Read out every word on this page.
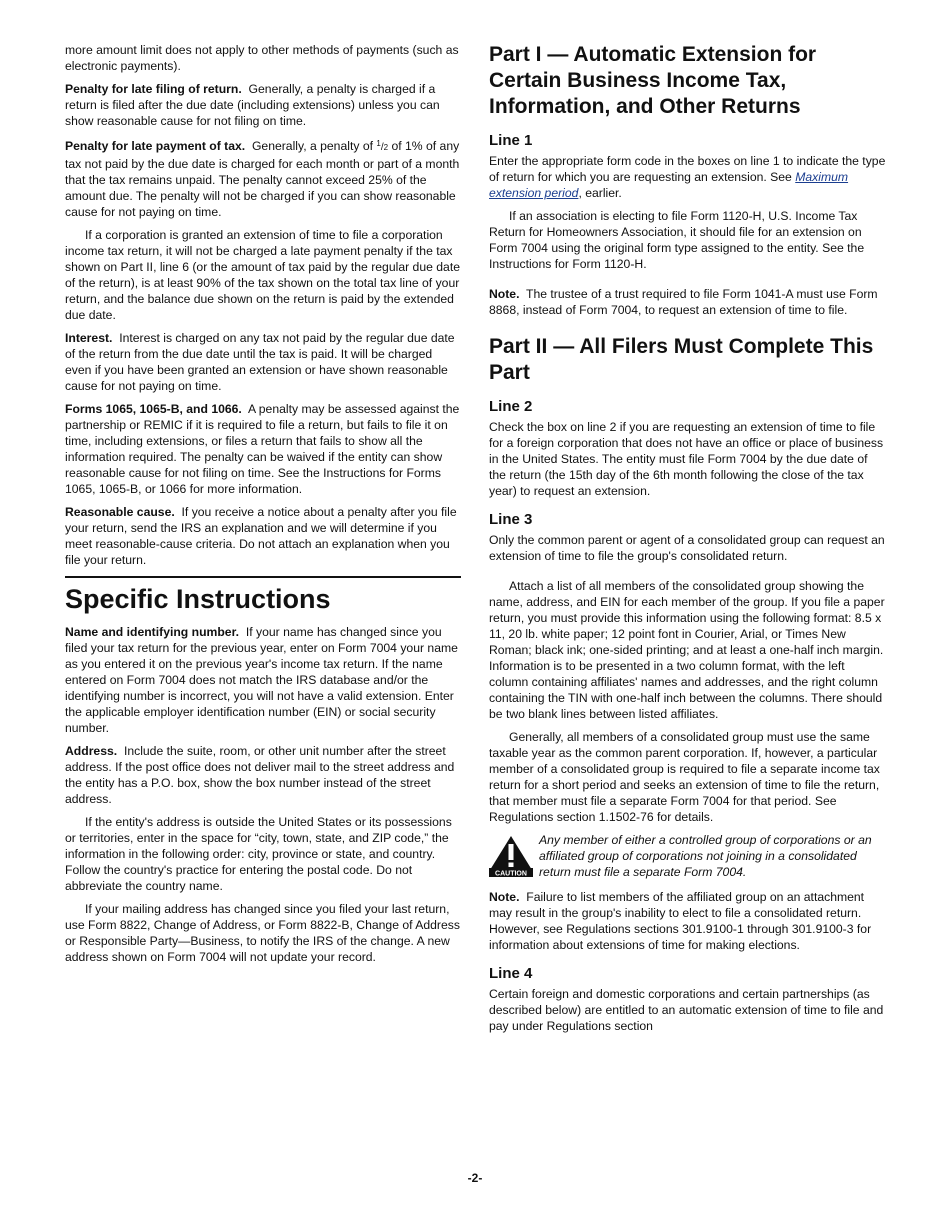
more amount limit does not apply to other methods of payments (such as electronic payments).

Penalty for late filing of return. Generally, a penalty is charged if a return is filed after the due date (including extensions) unless you can show reasonable cause for not filing on time.

Penalty for late payment of tax. Generally, a penalty of $^1$/2 of 1% of any tax not paid by the due date is charged for each month or part of a month that the tax remains unpaid. The penalty cannot exceed 25% of the amount due. The penalty will not be charged if you can show reasonable cause for not paying on time.

If a corporation is granted an extension of time to file a corporation income tax return, it will not be charged a late payment penalty if the tax shown on Part II, line 6 (or the amount of tax paid by the regular due date of the return), is at least 90% of the tax shown on the total tax line of your return, and the balance due shown on the return is paid by the extended due date.

Interest. Interest is charged on any tax not paid by the regular due date of the return from the due date until the tax is paid. It will be charged even if you have been granted an extension or have shown reasonable cause for not paying on time.

Forms 1065, 1065-B, and 1066. A penalty may be assessed against the partnership or REMIC if it is required to file a return, but fails to file it on time, including extensions, or files a return that fails to show all the information required. The penalty can be waived if the entity can show reasonable cause for not filing on time. See the Instructions for Forms 1065, 1065-B, or 1066 for more information.

Reasonable cause. If you receive a notice about a penalty after you file your return, send the IRS an explanation and we will determine if you meet reasonable-cause criteria. Do not attach an explanation when you file your return.

Specific Instructions

Name and identifying number. If your name has changed since you filed your tax return for the previous year, enter on Form 7004 your name as you entered it on the previous year's income tax return. If the name entered on Form 7004 does not match the IRS database and/or the identifying number is incorrect, you will not have a valid extension. Enter the applicable employer identification number (EIN) or social security number.

Address. Include the suite, room, or other unit number after the street address. If the post office does not deliver mail to the street address and the entity has a P.O. box, show the box number instead of the street address.

If the entity's address is outside the United States or its possessions or territories, enter in the space for “city, town, state, and ZIP code,” the information in the following order: city, province or state, and country. Follow the country's practice for entering the postal code. Do not abbreviate the country name.

If your mailing address has changed since you filed your last return, use Form 8822, Change of Address, or Form 8822-B, Change of Address or Responsible Party—Business, to notify the IRS of the change. A new address shown on Form 7004 will not update your record.

Part I — Automatic Extension for Certain Business Income Tax, Information, and Other Returns
Line 1

Enter the appropriate form code in the boxes on line 1 to indicate the type of return for which you are requesting an extension. See Maximum extension period, earlier.

If an association is electing to file Form 1120-H, U.S. Income Tax Return for Homeowners Association, it should file for an extension on Form 7004 using the original form type assigned to the entity. See the Instructions for Form 1120-H.

Note. The trustee of a trust required to file Form 1041-A must use Form 8868, instead of Form 7004, to request an extension of time to file.

Part II — All Filers Must Complete This Part
Line 2

Check the box on line 2 if you are requesting an extension of time to file for a foreign corporation that does not have an office or place of business in the United States. The entity must file Form 7004 by the due date of the return (the 15th day of the 6th month following the close of the tax year) to request an extension.

Line 3

Only the common parent or agent of a consolidated group can request an extension of time to file the group's consolidated return.

Attach a list of all members of the consolidated group showing the name, address, and EIN for each member of the group. If you file a paper return, you must provide this information using the following format: 8.5 x 11, 20 lb. white paper; 12 point font in Courier, Arial, or Times New Roman; black ink; one-sided printing; and at least a one-half inch margin. Information is to be presented in a two column format, with the left column containing affiliates' names and addresses, and the right column containing the TIN with one-half inch between the columns. There should be two blank lines between listed affiliates.

Generally, all members of a consolidated group must use the same taxable year as the common parent corporation. If, however, a particular member of a consolidated group is required to file a separate income tax return for a short period and seeks an extension of time to file the return, that member must file a separate Form 7004 for that period. See Regulations section 1.1502-76 for details.

CAUTION
Any member of either a controlled group of corporations or an affiliated group of corporations not joining in a consolidated return must file a separate Form 7004.

Note. Failure to list members of the affiliated group on an attachment may result in the group's inability to elect to file a consolidated return. However, see Regulations sections 301.9100-1 through 301.9100-3 for information about extensions of time for making elections.

Line 4

Certain foreign and domestic corporations and certain partnerships (as described below) are entitled to an automatic extension of time to file and pay under Regulations section

-2-
